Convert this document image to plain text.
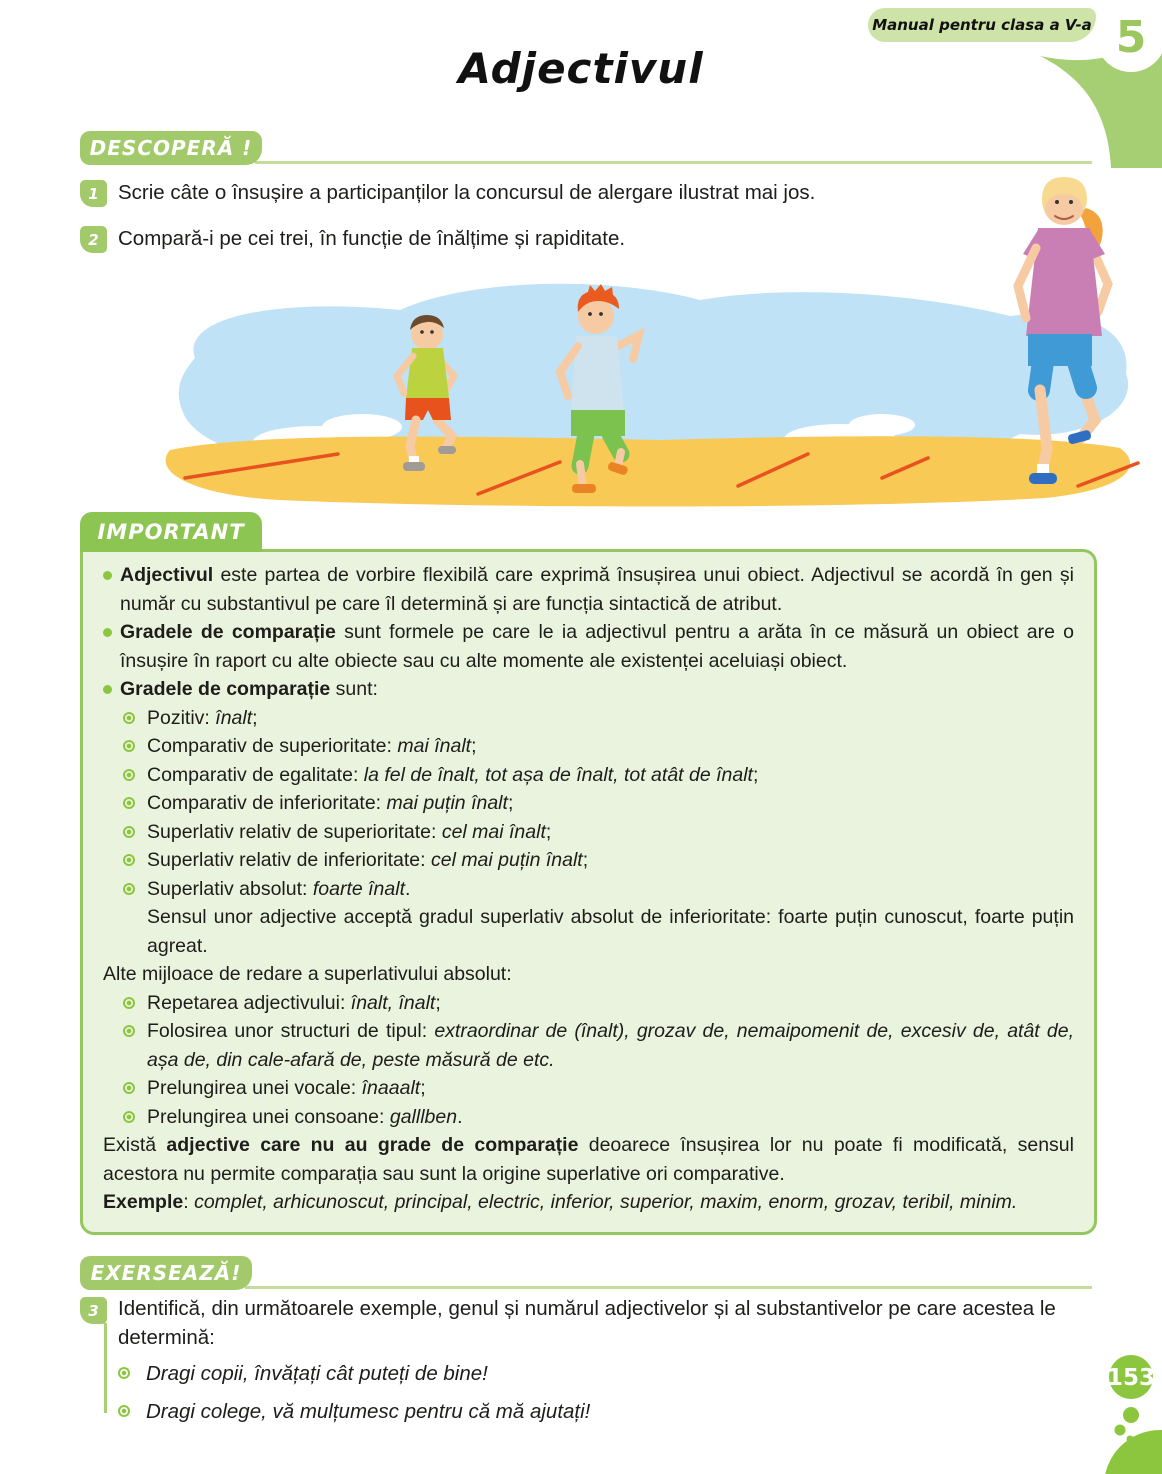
Manual pentru clasa a V-a 5
Adjectivul
DESCOPERĂ !
1 Scrie câte o însușire a participanților la concursul de alergare ilustrat mai jos.
2 Compară-i pe cei trei, în funcție de înălțime și rapiditate.
IMPORTANT
Adjectivul este partea de vorbire flexibilă care exprimă însușirea unui obiect. Adjectivul se acordă în gen și număr cu substantivul pe care îl determină și are funcția sintactică de atribut.
Gradele de comparație sunt formele pe care le ia adjectivul pentru a arăta în ce măsură un obiect are o însușire în raport cu alte obiecte sau cu alte momente ale existenței aceluiași obiect.
Gradele de comparație sunt:
Pozitiv: înalt;
Comparativ de superioritate: mai înalt;
Comparativ de egalitate: la fel de înalt, tot așa de înalt, tot atât de înalt;
Comparativ de inferioritate: mai puțin înalt;
Superlativ relativ de superioritate: cel mai înalt;
Superlativ relativ de inferioritate: cel mai puțin înalt;
Superlativ absolut: foarte înalt.

Sensul unor adjective acceptă gradul superlativ absolut de inferioritate: foarte puțin cunoscut, foarte puțin agreat.

Alte mijloace de redare a superlativului absolut:

Repetarea adjectivului: înalt, înalt;
Folosirea unor structuri de tipul: extraordinar de (înalt), grozav de, nemaipomenit de, excesiv de, atât de, așa de, din cale-afară de, peste măsură de etc.
Prelungirea unei vocale: înaaalt;
Prelungirea unei consoane: galllben.

Există adjective care nu au grade de comparație deoarece însușirea lor nu poate fi modificată, sensul acestora nu permite comparația sau sunt la origine superlative ori comparative.

Exemple: complet, arhicunoscut, principal, electric, inferior, superior, maxim, enorm, grozav, teribil, minim.

EXERSEAZĂ!
3 Identifică, din următoarele exemple, genul și numărul adjectivelor și al substantivelor pe care acestea le determină:

Dragi copii, învățați cât puteți de bine!
Dragi colege, vă mulțumesc pentru că mă ajutați!
153
